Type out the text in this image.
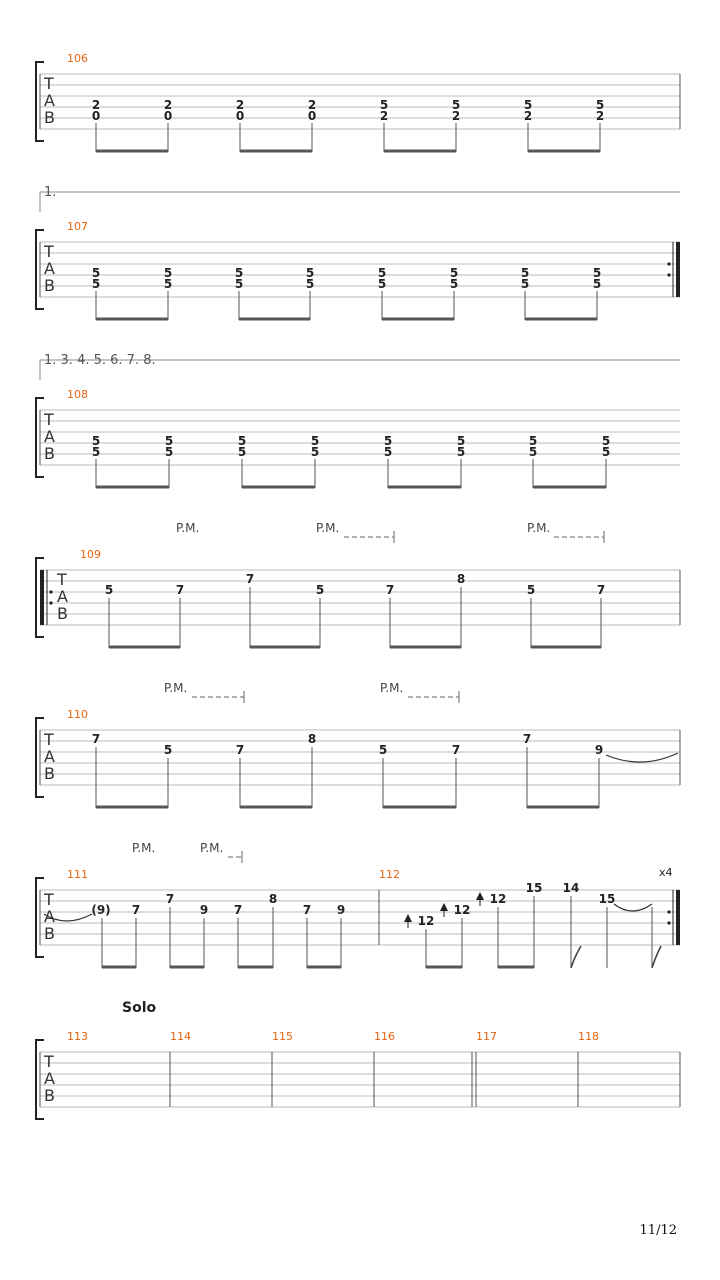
T
A
B
106
2
0
2
0
2
0
2
0
5
2
5
2
5
2
5
2
1.
T
A
B
107
5
5
5
5
5
5
5
5
5
5
5
5
5
5
5
5
1. 3. 4. 5. 6. 7. 8.
T
A
B
108
5
5
5
5
5
5
5
5
5
5
5
5
5
5
5
5
P.M.	P.M.	P.M.
T
A
B
109
5	7
7
5	7
8
5	7
P.M.	P.M.
T
A
B
110
7
5	7
8
5	7
7
9
P.M.	P.M.
x4
T
A
B
111	112
(9) 7
7
9 7
8
7 9
12
12
12
15 14
15
Solo
T
A
B
113	114	115	116	117	118
11/12
